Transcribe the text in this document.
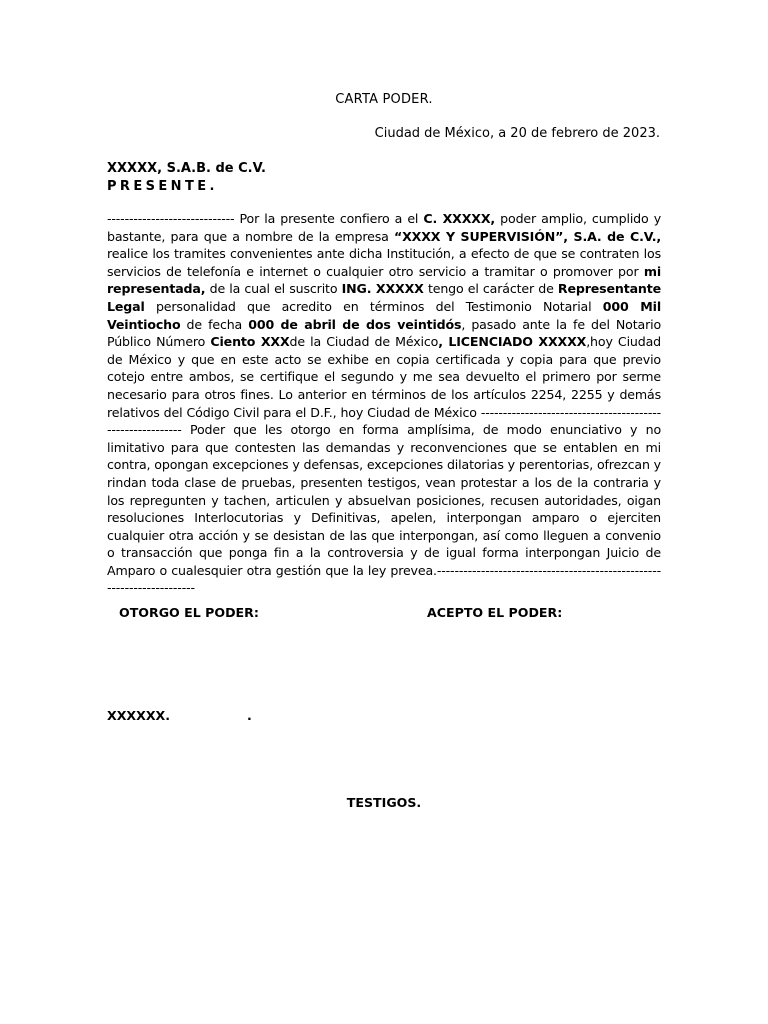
CARTA PODER.
Ciudad de México, a 20 de febrero de 2023.
XXXXX, S.A.B. de C.V.
PRESENTE.
----------------------------- Por la presente confiero a el C. XXXXX, poder amplio, cumplido y bastante, para que a nombre de la empresa “XXXX Y SUPERVISIÓN”, S.A. de C.V., realice los tramites convenientes ante dicha Institución, a efecto de que se contraten los servicios de telefonía e internet o cualquier otro servicio a tramitar o promover por mi representada, de la cual el suscrito ING. XXXXX tengo el carácter de Representante Legal personalidad que acredito en términos del Testimonio Notarial 000 Mil Veintiocho de fecha 000 de abril de dos veintidós, pasado ante la fe del Notario Público Número Ciento XXXde la Ciudad de México, LICENCIADO XXXXX,hoy Ciudad de México y que en este acto se exhibe en copia certificada y copia para que previo cotejo entre ambos, se certifique el segundo y me sea devuelto el primero por serme necesario para otros fines. Lo anterior en términos de los artículos 2254, 2255 y demás relativos del Código Civil para el D.F., hoy Ciudad de México ---------------------------------------------------------- Poder que les otorgo en forma amplísima, de modo enunciativo y no limitativo para que contesten las demandas y reconvenciones que se entablen en mi contra, opongan excepciones y defensas, excepciones dilatorias y perentorias, ofrezcan y rindan toda clase de pruebas, presenten testigos, vean protestar a los de la contraria y los repregunten y tachen, articulen y absuelvan posiciones, recusen autoridades, oigan resoluciones Interlocutorias y Definitivas, apelen, interpongan amparo o ejerciten cualquier otra acción y se desistan de las que interpongan, así como lleguen a convenio o transacción que ponga fin a la controversia y de igual forma interpongan Juicio de Amparo o cualesquier otra gestión que la ley prevea.-----------------------------------------------------------------------
OTORGO EL PODER:	ACEPTO EL PODER:
XXXXXX.	.
TESTIGOS.
